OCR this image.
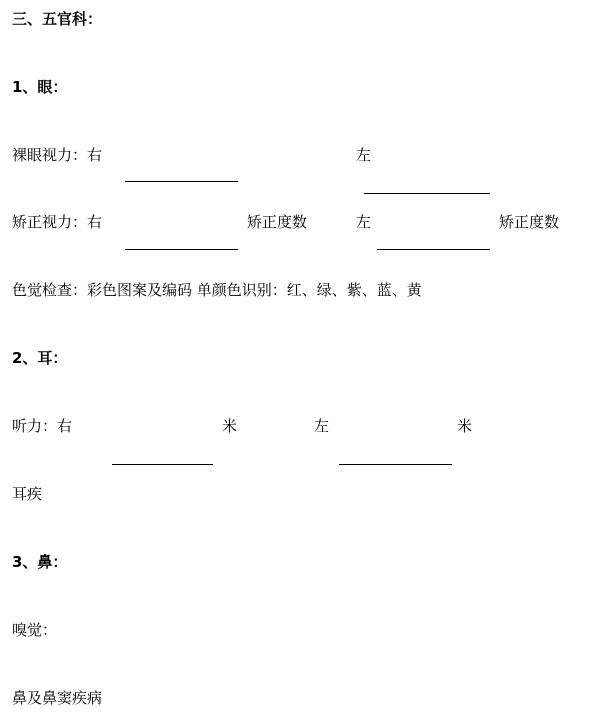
三、五官科：
1、眼：
裸眼视力：右	左
矫正视力：右	矫正度数	左	矫正度数
色觉检查：彩色图案及编码 单颜色识别：红、绿、紫、蓝、黄
2、耳：
听力：右	米	左	米
耳疾
3、鼻：
嗅觉：
鼻及鼻窦疾病
